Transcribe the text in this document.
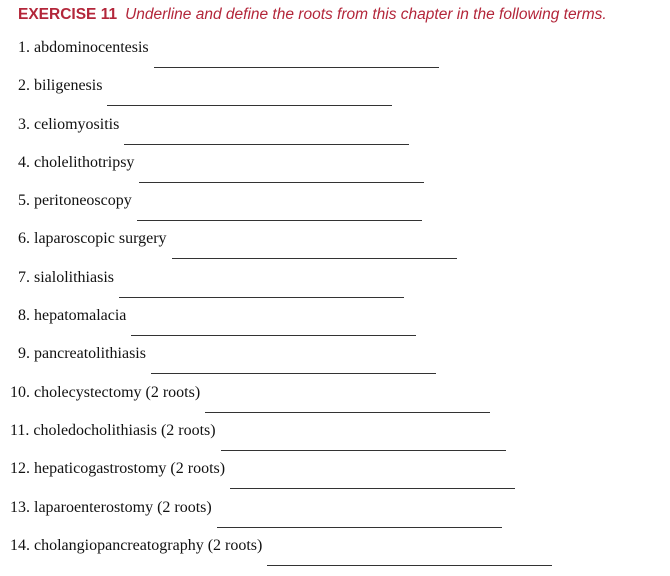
EXERCISE 11 Underline and define the roots from this chapter in the following terms.
1. abdominocentesis
2. biligenesis
3. celiomyositis
4. cholelithotripsy
5. peritoneoscopy
6. laparoscopic surgery
7. sialolithiasis
8. hepatomalacia
9. pancreatolithiasis
10. cholecystectomy (2 roots)
11. choledocholithiasis (2 roots)
12. hepaticogastrostomy (2 roots)
13. laparoenterostomy (2 roots)
14. cholangiopancreatography (2 roots)
